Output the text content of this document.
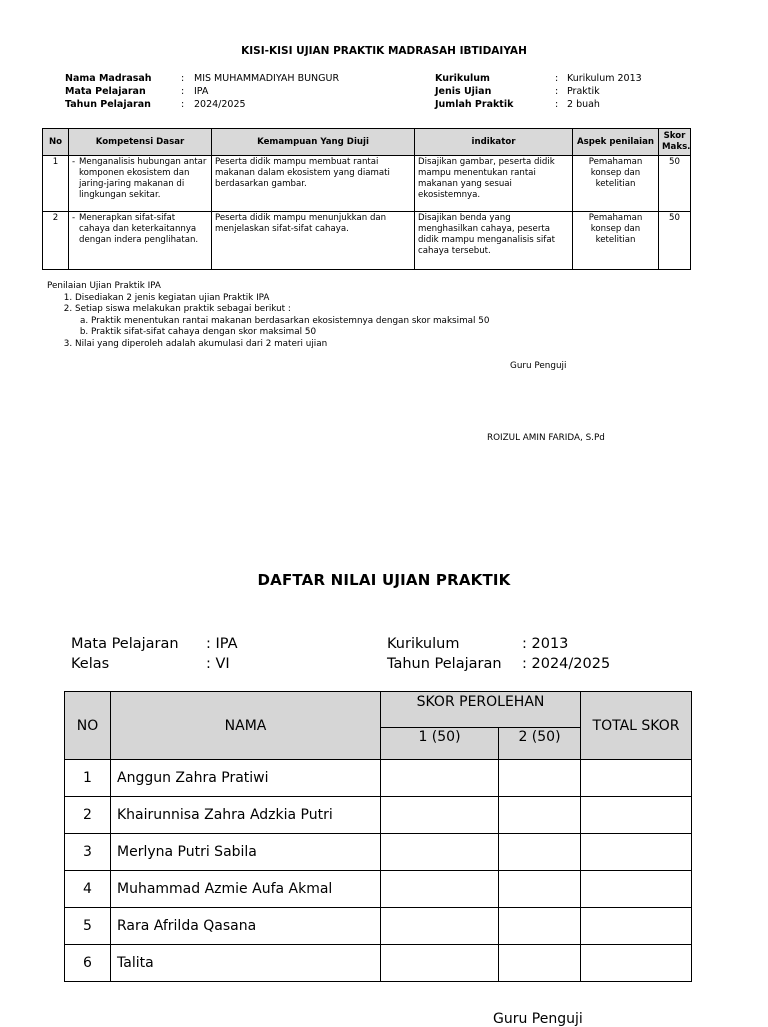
KISI-KISI UJIAN PRAKTIK MADRASAH IBTIDAIYAH
Nama Madrasah	: MIS MUHAMMADIYAH BUNGUR
Mata Pelajaran	: IPA
Tahun Pelajaran	: 2024/2025
Kurikulum	: Kurikulum 2013
Jenis Ujian	: Praktik
Jumlah Praktik	: 2 buah
No	Kompetensi Dasar	Kemampuan Yang Diuji	indikator	Aspek penilaian	Skor Maks.
1	- Menganalisis hubungan antar komponen ekosistem dan jaring-jaring makanan di lingkungan sekitar.	Peserta didik mampu membuat rantai makanan dalam ekosistem yang diamati berdasarkan gambar.	Disajikan gambar, peserta didik mampu menentukan rantai makanan yang sesuai ekosistemnya.	Pemahaman konsep dan ketelitian	50
2	- Menerapkan sifat-sifat cahaya dan keterkaitannya dengan indera penglihatan.	Peserta didik mampu menunjukkan dan menjelaskan sifat-sifat cahaya.	Disajikan benda yang menghasilkan cahaya, peserta didik mampu menganalisis sifat cahaya tersebut.	Pemahaman konsep dan ketelitian	50
Penilaian Ujian Praktik IPA
1. Disediakan 2 jenis kegiatan ujian Praktik IPA
2. Setiap siswa melakukan praktik sebagai berikut :
a. Praktik menentukan rantai makanan berdasarkan ekosistemnya dengan skor maksimal 50
b. Praktik sifat-sifat cahaya dengan skor maksimal 50
3. Nilai yang diperoleh adalah akumulasi dari 2 materi ujian
Guru Penguji
ROIZUL AMIN FARIDA, S.Pd
DAFTAR NILAI UJIAN PRAKTIK
Mata Pelajaran : IPA
Kelas	: VI
Kurikulum	: 2013
Tahun Pelajaran : 2024/2025
NO	NAMA	SKOR PEROLEHAN		TOTAL SKOR
		1 (50)	2 (50)	
1	Anggun Zahra Pratiwi			
2	Khairunnisa Zahra Adzkia Putri			
3	Merlyna Putri Sabila			
4	Muhammad Azmie Aufa Akmal			
5	Rara Afrilda Qasana			
6	Talita			
Guru Penguji
